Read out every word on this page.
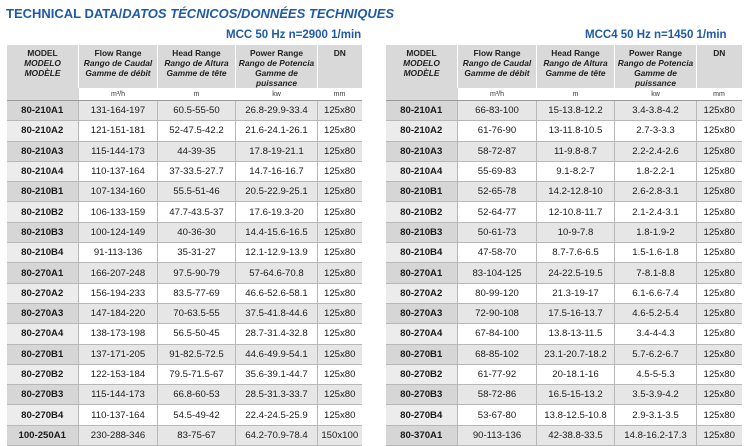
TECHNICAL DATA/DATOS TÉCNICOS/DONNÉES TECHNIQUES
MCC 50 Hz n=2900 1/min	MCC4 50 Hz n=1450 1/min
MODEL
MODELO
MODÈLE	Flow Range
Rango de Caudal
Gamme de débit	Head Range
Rango de Altura
Gamme de tête	Power Range
Rango de Potencia
Gamme de puissance	DN

	m³/h	m	kw	mm
80-210A1	131-164-197	60.5-55-50	26.8-29.9-33.4	125x80
80-210A2	121-151-181	52-47.5-42.2	21.6-24.1-26.1	125x80
80-210A3	115-144-173	44-39-35	17.8-19-21.1	125x80
80-210A4	110-137-164	37-33.5-27.7	14.7-16-16.7	125x80
80-210B1	107-134-160	55.5-51-46	20.5-22.9-25.1	125x80
80-210B2	106-133-159	47.7-43.5-37	17.6-19.3-20	125x80
80-210B3	100-124-149	40-36-30	14.4-15.6-16.5	125x80
80-210B4	91-113-136	35-31-27	12.1-12.9-13.9	125x80
80-270A1	166-207-248	97.5-90-79	57-64.6-70.8	125x80
80-270A2	156-194-233	83.5-77-69	46.6-52.6-58.1	125x80
80-270A3	147-184-220	70-63.5-55	37.5-41.8-44.6	125x80
80-270A4	138-173-198	56.5-50-45	28.7-31.4-32.8	125x80
80-270B1	137-171-205	91-82.5-72.5	44.6-49.9-54.1	125x80
80-270B2	122-153-184	79.5-71.5-67	35.6-39.1-44.7	125x80
80-270B3	115-144-173	66.8-60-53	28.5-31.3-33.7	125x80
80-270B4	110-137-164	54.5-49-42	22.4-24.5-25.9	125x80
100-250A1	230-288-346	83-75-67	64.2-70.9-78.4	150x100
MODEL
MODELO
MODÈLE	Flow Range
Rango de Caudal
Gamme de débit	Head Range
Rango de Altura
Gamme de tête	Power Range
Rango de Potencia
Gamme de puissance	DN

	m³/h	m	kw	mm
80-210A1	66-83-100	15-13.8-12.2	3.4-3.8-4.2	125x80
80-210A2	61-76-90	13-11.8-10.5	2.7-3-3.3	125x80
80-210A3	58-72-87	11-9.8-8.7	2.2-2.4-2.6	125x80
80-210A4	55-69-83	9.1-8.2-7	1.8-2.2-1	125x80
80-210B1	52-65-78	14.2-12.8-10	2.6-2.8-3.1	125x80
80-210B2	52-64-77	12-10.8-11.7	2.1-2.4-3.1	125x80
80-210B3	50-61-73	10-9-7.8	1.8-1.9-2	125x80
80-210B4	47-58-70	8.7-7.6-6.5	1.5-1.6-1.8	125x80
80-270A1	83-104-125	24-22.5-19.5	7-8.1-8.8	125x80
80-270A2	80-99-120	21.3-19-17	6.1-6.6-7.4	125x80
80-270A3	72-90-108	17.5-16-13.7	4.6-5.2-5.4	125x80
80-270A4	67-84-100	13.8-13-11.5	3.4-4-4.3	125x80
80-270B1	68-85-102	23.1-20.7-18.2	5.7-6.2-6.7	125x80
80-270B2	61-77-92	20-18.1-16	4.5-5-5.3	125x80
80-270B3	58-72-86	16.5-15-13.2	3.5-3.9-4.2	125x80
80-270B4	53-67-80	13.8-12.5-10.8	2.9-3.1-3.5	125x80
80-370A1	90-113-136	42-38.8-33.5	14.8-16.2-17.3	125x80
